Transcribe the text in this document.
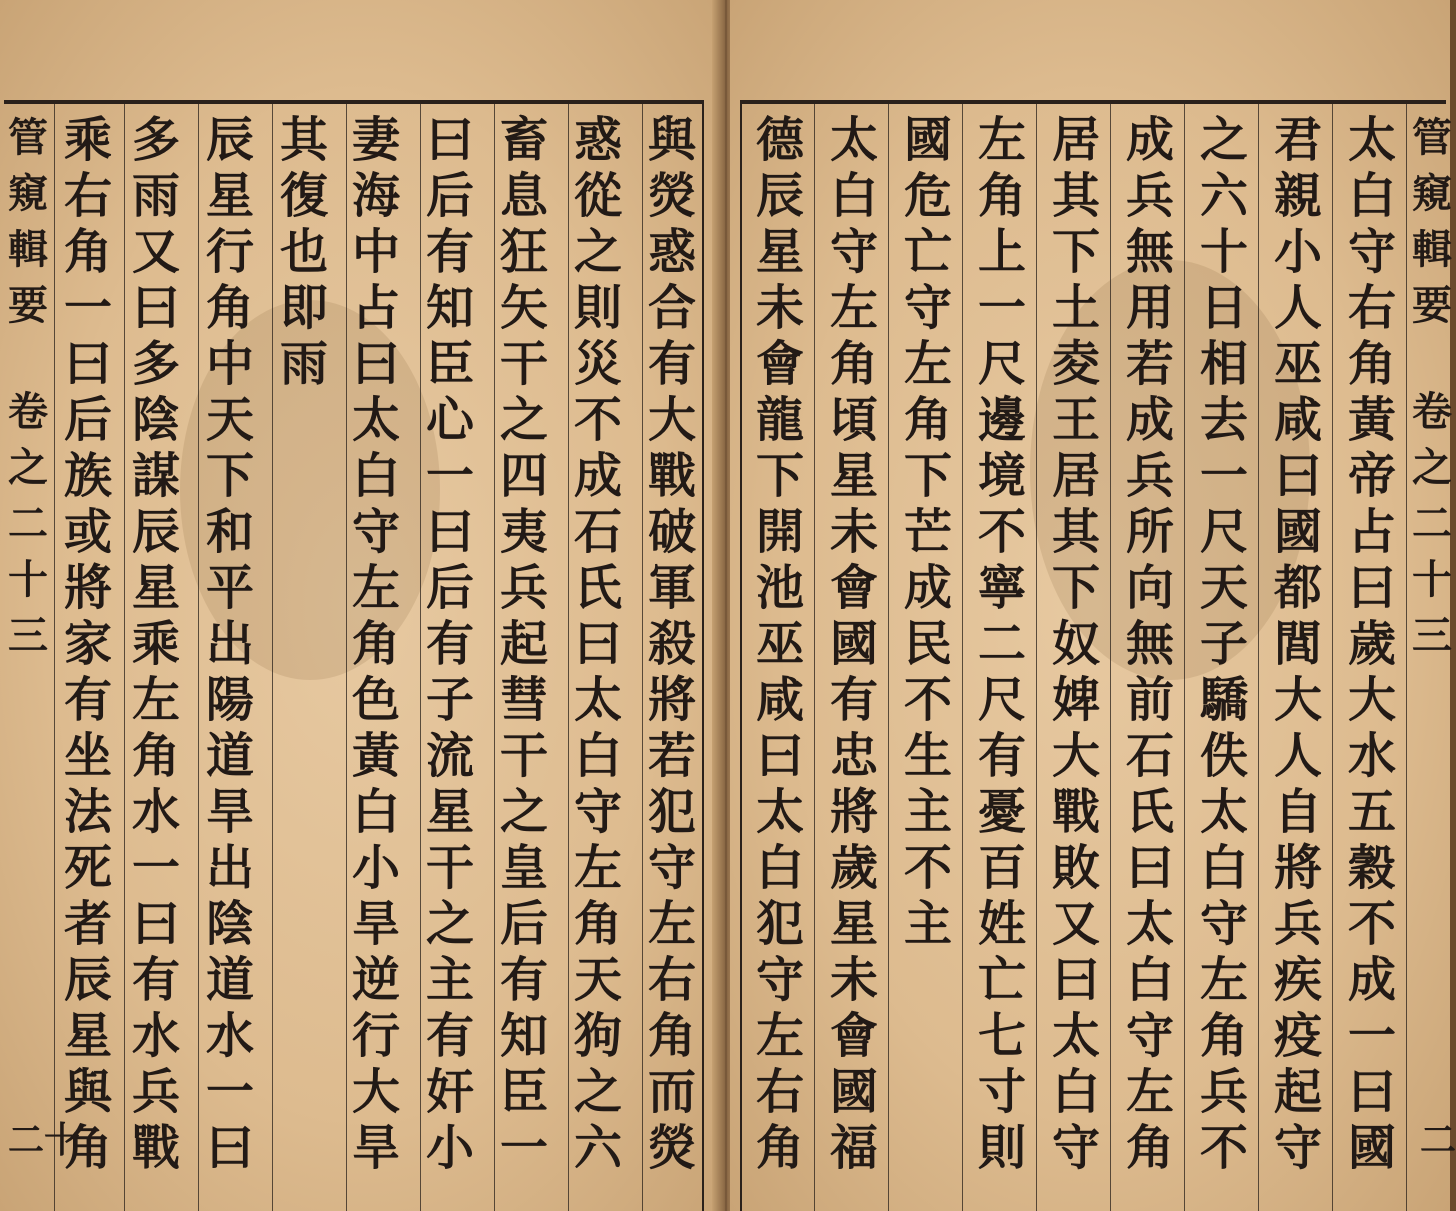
管
窺
輯
要
卷
之
二
十
三
二十
與
熒
惑
合
有
大
戰
破
軍
殺
將
若
犯
守
左
右
角
而
熒
惑
從
之
則
災
不
成
石
氏
曰
太
白
守
左
角
天
狗
之
六
畜
息
狂
矢
干
之
四
夷
兵
起
彗
干
之
皇
后
有
知
臣
一
曰
后
有
知
臣
心
一
曰
后
有
子
流
星
干
之
主
有
奸
小
妻
海
中
占
曰
太
白
守
左
角
色
黃
白
小
旱
逆
行
大
旱
其
復
也
即
雨
辰
星
行
角
中
天
下
和
平
出
陽
道
旱
出
陰
道
水
一
曰
多
雨
又
曰
多
陰
謀
辰
星
乘
左
角
水
一
曰
有
水
兵
戰
乘
右
角
一
曰
后
族
或
將
家
有
坐
法
死
者
辰
星
與
角
太
白
守
右
角
黃
帝
占
曰
歲
大
水
五
穀
不
成
一
曰
國
君
親
小
人
巫
咸
曰
國
都
閭
大
人
自
將
兵
疾
疫
起
守
之
六
十
日
相
去
一
尺
天
子
驕
佚
太
白
守
左
角
兵
不
成
兵
無
用
若
成
兵
所
向
無
前
石
氏
曰
太
白
守
左
角
居
其
下
土
夌
王
居
其
下
奴
婢
大
戰
敗
又
曰
太
白
守
左
角
上
一
尺
邊
境
不
寧
二
尺
有
憂
百
姓
亡
七
寸
則
國
危
亡
守
左
角
下
芒
成
民
不
生
主
不
主
太
白
守
左
角
頃
星
未
會
國
有
忠
將
歲
星
未
會
國
福
德
辰
星
未
會
龍
下
開
池
巫
咸
曰
太
白
犯
守
左
右
角
管
窺
輯
要
卷
之
二
十
三
二
